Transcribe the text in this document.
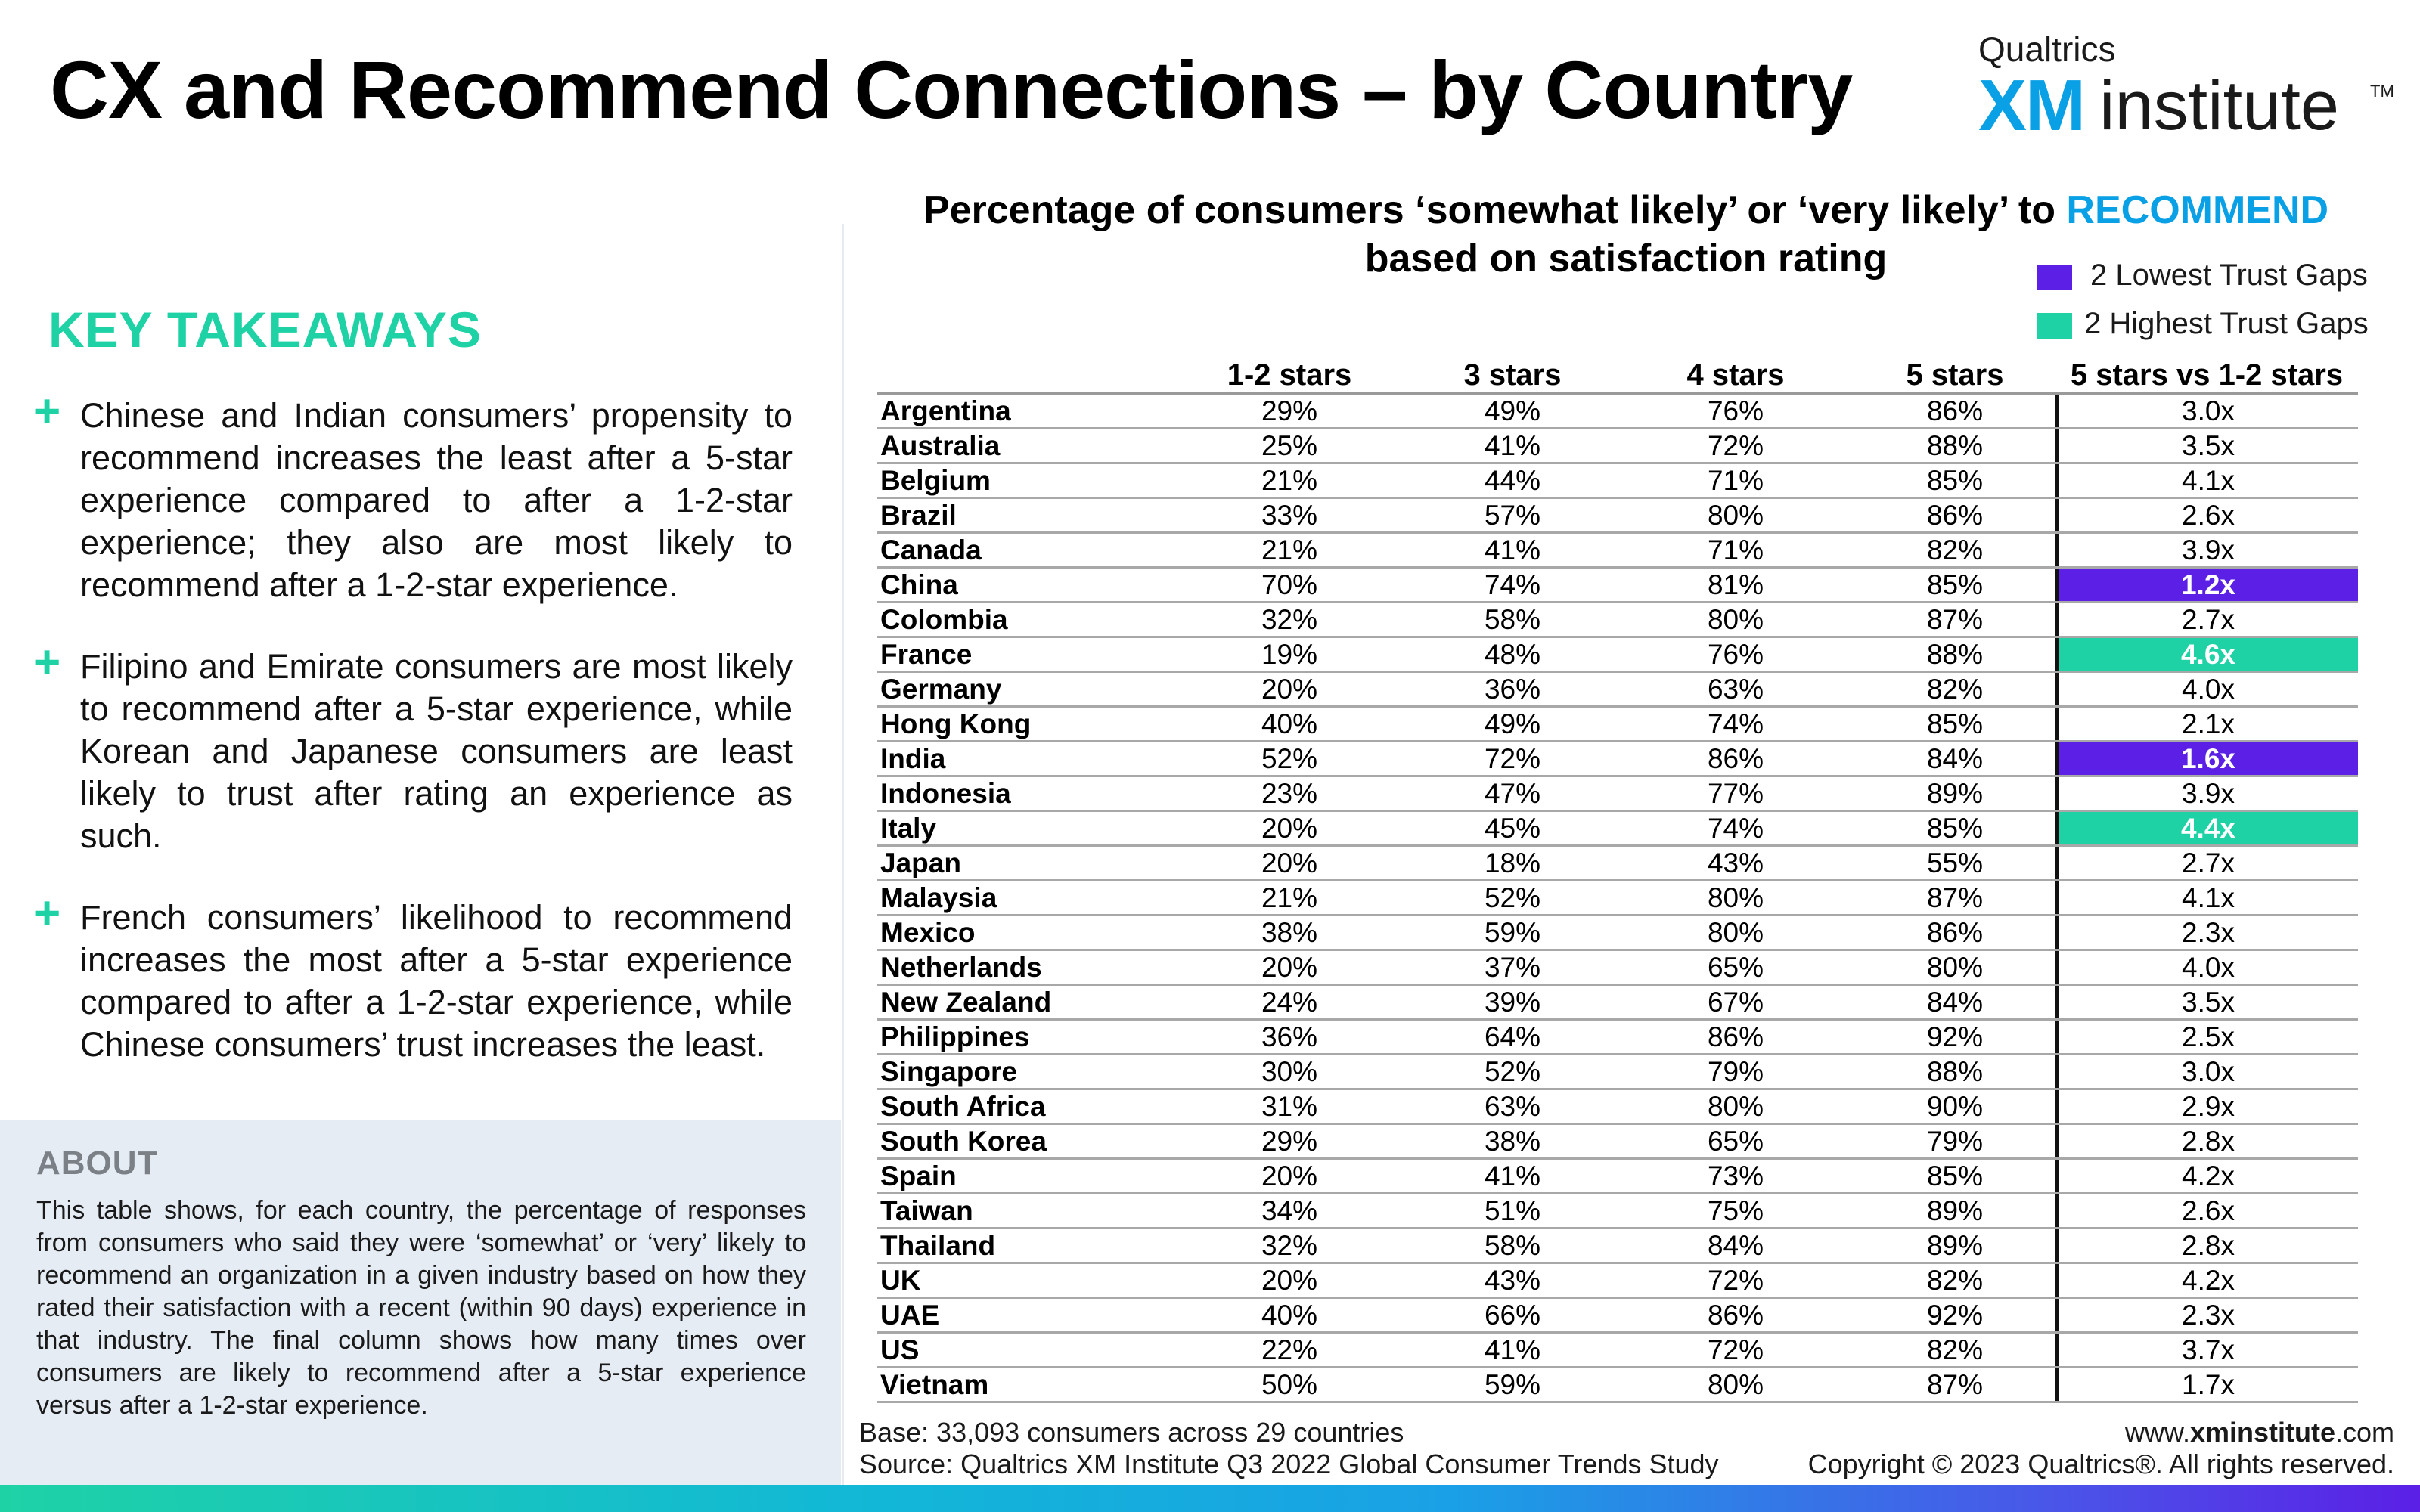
CX and Recommend Connections – by Country	Qualtrics
XM institute TM
KEY TAKEAWAYS
+ Chinese and Indian consumers’ propensity to recommend increases the least after a 5-star experience compared to after a 1-2-star experience; they also are most likely to recommend after a 1-2-star experience.

+ Filipino and Emirate consumers are most likely to recommend after a 5-star experience, while Korean and Japanese consumers are least likely to trust after rating an experience as such.

+ French consumers’ likelihood to recommend increases the most after a 5-star experience compared to after a 1-2-star experience, while Chinese consumers’ trust increases the least.

ABOUT

This table shows, for each country, the percentage of responses from consumers who said they were ‘somewhat’ or ‘very’ likely to recommend an organization in a given industry based on how they rated their satisfaction with a recent (within 90 days) experience in that industry. The final column shows how many times over consumers are likely to recommend after a 5-star experience versus after a 1-2-star experience.

Percentage of consumers ‘somewhat likely’ or ‘very likely’ to RECOMMEND
based on satisfaction rating	2 Lowest Trust Gaps
2 Highest Trust Gaps
1-2 stars	3 stars	4 stars	5 stars	5 stars vs 1-2 stars
Argentina	29%	49%	76%	86%	3.0x
Australia	25%	41%	72%	88%	3.5x
Belgium	21%	44%	71%	85%	4.1x
Brazil	33%	57%	80%	86%	2.6x
Canada	21%	41%	71%	82%	3.9x
China	70%	74%	81%	85%	1.2x
Colombia	32%	58%	80%	87%	2.7x
France	19%	48%	76%	88%	4.6x
Germany	20%	36%	63%	82%	4.0x
Hong Kong	40%	49%	74%	85%	2.1x
India	52%	72%	86%	84%	1.6x
Indonesia	23%	47%	77%	89%	3.9x
Italy	20%	45%	74%	85%	4.4x
Japan	20%	18%	43%	55%	2.7x
Malaysia	21%	52%	80%	87%	4.1x
Mexico	38%	59%	80%	86%	2.3x
Netherlands	20%	37%	65%	80%	4.0x
New Zealand	24%	39%	67%	84%	3.5x
Philippines	36%	64%	86%	92%	2.5x
Singapore	30%	52%	79%	88%	3.0x
South Africa	31%	63%	80%	90%	2.9x
South Korea	29%	38%	65%	79%	2.8x
Spain	20%	41%	73%	85%	4.2x
Taiwan	34%	51%	75%	89%	2.6x
Thailand	32%	58%	84%	89%	2.8x
UK	20%	43%	72%	82%	4.2x
UAE	40%	66%	86%	92%	2.3x
US	22%	41%	72%	82%	3.7x
Vietnam	50%	59%	80%	87%	1.7x
Base: 33,093 consumers across 29 countries
Source: Qualtrics XM Institute Q3 2022 Global Consumer Trends Study
www.xminstitute.com
Copyright © 2023 Qualtrics®. All rights reserved.
